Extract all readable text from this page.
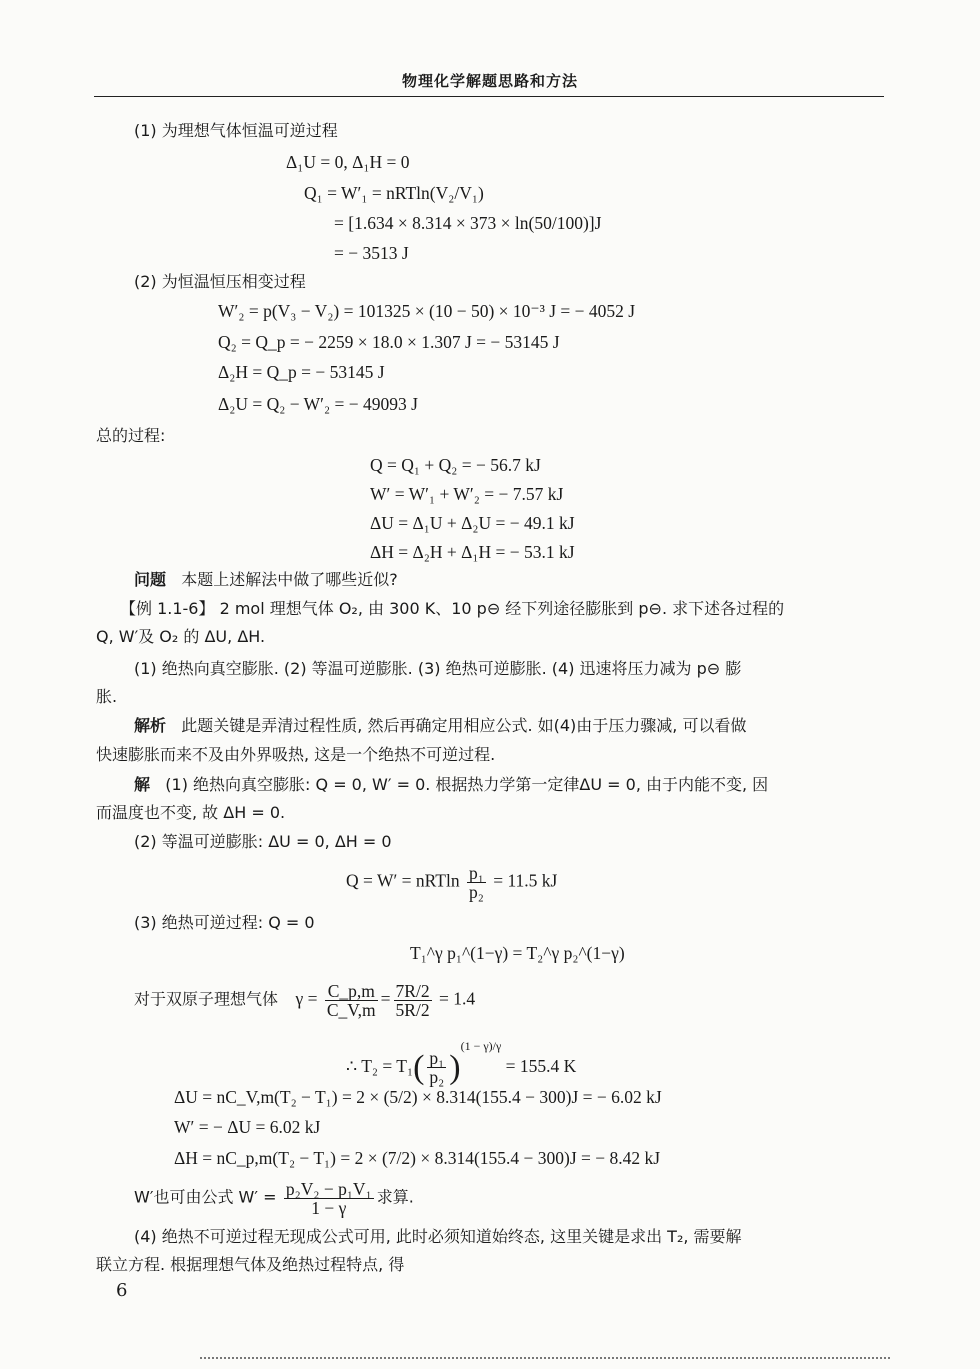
物理化学解题思路和方法
(1) 为理想气体恒温可逆过程
Δ₁U = 0, Δ₁H = 0
Q₁ = W′₁ = nRTln(V₂/V₁)
= [1.634 × 8.314 × 373 × ln(50/100)]J
= − 3513 J
(2) 为恒温恒压相变过程
W′₂ = p(V₃ − V₂) = 101325 × (10 − 50) × 10⁻³ J = − 4052 J
Q₂ = Q_p = − 2259 × 18.0 × 1.307 J = − 53145 J
Δ₂H = Q_p = − 53145 J
Δ₂U = Q₂ − W′₂ = − 49093 J
总的过程:
Q = Q₁ + Q₂ = − 56.7 kJ
W′ = W′₁ + W′₂ = − 7.57 kJ
ΔU = Δ₁U + Δ₂U = − 49.1 kJ
ΔH = Δ₂H + Δ₁H = − 53.1 kJ
问题 本题上述解法中做了哪些近似?
【例 1.1-6】 2 mol 理想气体 O₂, 由 300 K、10 p⊖ 经下列途径膨胀到 p⊖. 求下述各过程的
Q, W′及 O₂ 的 ΔU, ΔH.
(1) 绝热向真空膨胀. (2) 等温可逆膨胀. (3) 绝热可逆膨胀. (4) 迅速将压力减为 p⊖ 膨
胀.
解析 此题关键是弄清过程性质, 然后再确定用相应公式. 如(4)由于压力骤减, 可以看做
快速膨胀而来不及由外界吸热, 这是一个绝热不可逆过程.
解 (1) 绝热向真空膨胀: Q = 0, W′ = 0. 根据热力学第一定律ΔU = 0, 由于内能不变, 因
而温度也不变, 故 ΔH = 0.
(2) 等温可逆膨胀: ΔU = 0, ΔH = 0
Q = W′ = nRTln $\frac{\text{p₁}}{\text{p₂}} = 11.5$ kJ
(3) 绝热可逆过程: Q = 0
T₁^γ p₁^(1−γ) = T₂^γ p₂^(1−γ)
对于双原子理想气体 $\gamma = \frac{C\_p,m}{C\_V,m} = \frac{7R/2}{5R/2} = 1.4$
∴ $T_2 = T_1( \frac{\text{p₁}}{\text{p₂}} )^{(1 - \gamma)/\gamma} = 155.4$ K
ΔU = nC_V,m(T₂ − T₁) = 2 × (5/2) × 8.314(155.4 − 300)J = − 6.02 kJ
W′ = − ΔU = 6.02 kJ
ΔH = nC_p,m(T₂ − T₁) = 2 × (7/2) × 8.314(155.4 − 300)J = − 8.42 kJ
W′也可由公式 $W' = \frac{\text{p₂V₂ − p₁V₁}}{1 - \gamma}$ 求算.
(4) 绝热不可逆过程无现成公式可用, 此时必须知道始终态, 这里关键是求出 T₂, 需要解
联立方程. 根据理想气体及绝热过程特点, 得
6
